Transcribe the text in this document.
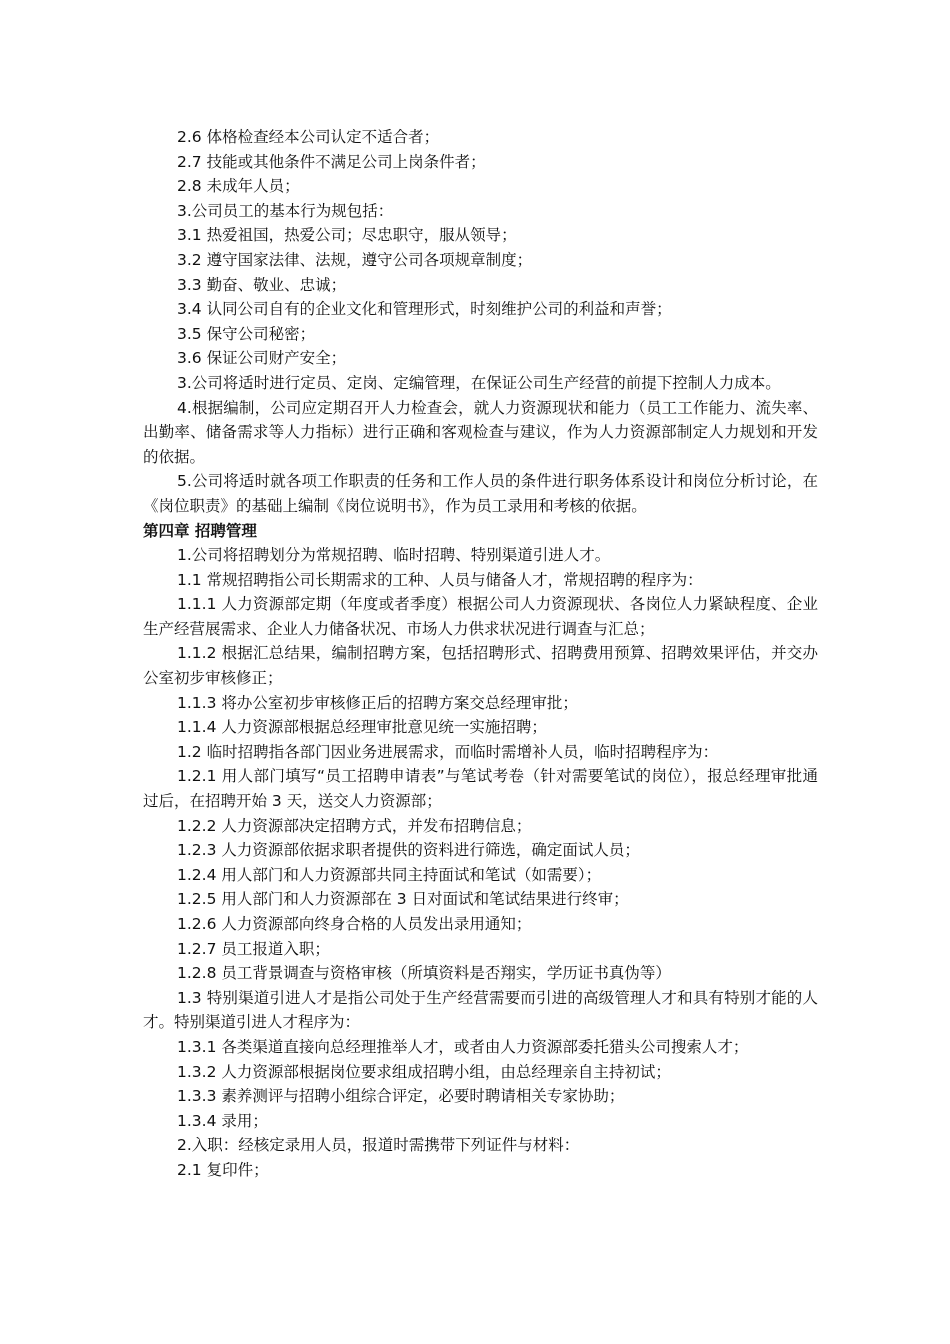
2.6 体格检查经本公司认定不适合者；

2.7 技能或其他条件不满足公司上岗条件者；

2.8 未成年人员；

3.公司员工的基本行为规包括：

3.1 热爱祖国，热爱公司；尽忠职守，服从领导；

3.2 遵守国家法律、法规，遵守公司各项规章制度；

3.3 勤奋、敬业、忠诚；

3.4 认同公司自有的企业文化和管理形式，时刻维护公司的利益和声誉；

3.5 保守公司秘密；

3.6 保证公司财产安全；

3.公司将适时进行定员、定岗、定编管理，在保证公司生产经营的前提下控制人力成本。

4.根据编制，公司应定期召开人力检查会，就人力资源现状和能力（员工工作能力、流失率、出勤率、储备需求等人力指标）进行正确和客观检查与建议，作为人力资源部制定人力规划和开发的依据。

5.公司将适时就各项工作职责的任务和工作人员的条件进行职务体系设计和岗位分析讨论，在《岗位职责》的基础上编制《岗位说明书》，作为员工录用和考核的依据。

第四章 招聘管理

1.公司将招聘划分为常规招聘、临时招聘、特别渠道引进人才。

1.1 常规招聘指公司长期需求的工种、人员与储备人才，常规招聘的程序为：

1.1.1 人力资源部定期（年度或者季度）根据公司人力资源现状、各岗位人力紧缺程度、企业生产经营展需求、企业人力储备状况、市场人力供求状况进行调查与汇总；

1.1.2 根据汇总结果，编制招聘方案，包括招聘形式、招聘费用预算、招聘效果评估，并交办公室初步审核修正；

1.1.3 将办公室初步审核修正后的招聘方案交总经理审批；

1.1.4 人力资源部根据总经理审批意见统一实施招聘；

1.2 临时招聘指各部门因业务进展需求，而临时需增补人员，临时招聘程序为：

1.2.1 用人部门填写“员工招聘申请表”与笔试考卷（针对需要笔试的岗位），报总经理审批通过后，在招聘开始 3 天，送交人力资源部；

1.2.2 人力资源部决定招聘方式，并发布招聘信息；

1.2.3 人力资源部依据求职者提供的资料进行筛选，确定面试人员；

1.2.4 用人部门和人力资源部共同主持面试和笔试（如需要）；

1.2.5 用人部门和人力资源部在 3 日对面试和笔试结果进行终审；

1.2.6 人力资源部向终身合格的人员发出录用通知；

1.2.7 员工报道入职；

1.2.8 员工背景调查与资格审核（所填资料是否翔实，学历证书真伪等）

1.3 特别渠道引进人才是指公司处于生产经营需要而引进的高级管理人才和具有特别才能的人才。特别渠道引进人才程序为：

1.3.1 各类渠道直接向总经理推举人才，或者由人力资源部委托猎头公司搜索人才；

1.3.2 人力资源部根据岗位要求组成招聘小组，由总经理亲自主持初试；

1.3.3 素养测评与招聘小组综合评定，必要时聘请相关专家协助；

1.3.4 录用；

2.入职：经核定录用人员，报道时需携带下列证件与材料：

2.1 复印件；
